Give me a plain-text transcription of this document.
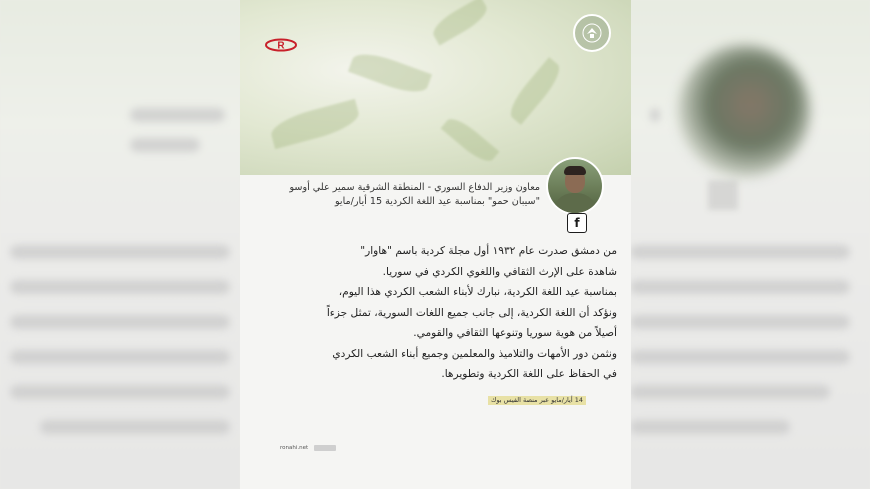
R
f
معاون وزير الدفاع السوري - المنطقة الشرقية سمير علي أوسو
"سيبان حمو" بمناسبة عيد اللغة الكردية 15 أيار/مايو

من دمشق صدرت عام ١٩٣٢ أول مجلة كردية باسم "هاوار"

شاهدة على الإرث الثقافي واللغوي الكردي في سوريا.

بمناسبة عيد اللغة الكردية، نبارك لأبناء الشعب الكردي هذا اليوم،

ونؤكد أن اللغة الكردية، إلى جانب جميع اللغات السورية، تمثل جزءاً

أصيلاً من هوية سوريا وتنوعها الثقافي والقومي.

ونثمن دور الأمهات والتلاميذ والمعلمين وجميع أبناء الشعب الكردي

في الحفاظ على اللغة الكردية وتطويرها.

14 أيار/مايو عبر منصة الفيس بوك
ronahi.net
